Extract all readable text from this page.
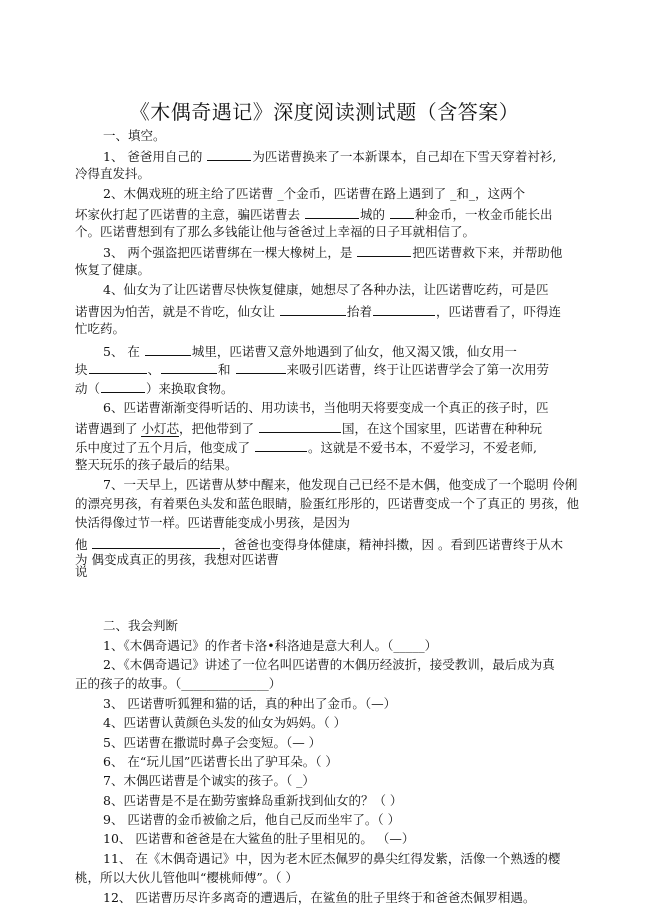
《木偶奇遇记》深度阅读测试题（含答案）
一、填空。
1、 爸爸用自己的	为匹诺曹换来了一本新课本，自己却在下雪天穿着衬衫,
冷得直发抖。
2、木偶戏班的班主给了匹诺曹 _个金币，匹诺曹在路上遇到了 _和_，这两个
坏家伙打起了匹诺曹的主意，骗匹诺曹去	城的 种金币，一枚金币能长出
个。匹诺曹想到有了那么多钱能让他与爸爸过上幸福的日子耳就相信了。
3、 两个强盗把匹诺曹绑在一棵大橡树上，是	把匹诺曹救下来，并帮助他
恢复了健康。
4、仙女为了让匹诺曹尽快恢复健康，她想尽了各种办法，让匹诺曹吃药，可是匹
诺曹因为怕苦，就是不肯吃，仙女让	抬着	，匹诺曹看了，吓得连
忙吃药。
5、 在	城里，匹诺曹又意外地遇到了仙女，他又渴又饿，仙女用一
块	、	和	来吸引匹诺曹，终于让匹诺曹学会了第一次用劳
动（	）来换取食物。
6、匹诺曹渐渐变得听话的、用功读书，当他明天将要变成一个真正的孩子时，匹
诺曹遇到了 小灯芯，把他带到了	国，在这个国家里，匹诺曹在种种玩
乐中度过了五个月后，他变成了	。这就是不爱书本，不爱学习，不爱老师,
整天玩乐的孩子最后的结果。
7、一天早上，匹诺曹从梦中醒来，他发现自己已经不是木偶，他变成了一个聪明 伶俐
的漂亮男孩，有着栗色头发和蓝色眼睛，脸蛋红彤彤的，匹诺曹变成一个了真正的 男孩，他
快活得像过节一样。匹诺曹能变成小男孩，是因为
他	，爸爸也变得身体健康，精神抖擞，因 。看到匹诺曹终于从木
为 偶变成真正的男孩，我想对匹诺曹
说
二、我会判断
1、《木偶奇遇记》的作者卡洛•科洛迪是意大利人。（_____）
2、《木偶奇遇记》讲述了一位名叫匹诺曹的木偶历经波折，接受教训，最后成为真
正的孩子的故事。（______________）
3、 匹诺曹听狐狸和猫的话，真的种出了金币。（—）
4、匹诺曹认黄颜色头发的仙女为妈妈。（ ）
5、匹诺曹在撒谎时鼻子会变短。（— ）
6、 在“玩儿国”匹诺曹长出了驴耳朵。（ ）
7、木偶匹诺曹是个诚实的孩子。（ _）
8、匹诺曹是不是在勤劳蜜蜂岛重新找到仙女的？（ ）
9、 匹诺曹的金币被偷之后，他自己反而坐牢了。（ ）
10、 匹诺曹和爸爸是在大鲨鱼的肚子里相见的。 （—）
11、 在《木偶奇遇记》中，因为老木匠杰佩罗的鼻尖红得发紫，活像一个熟透的樱
桃，所以大伙儿管他叫“樱桃师傅”。（ ）
12、 匹诺曹历尽许多离奇的遭遇后，在鲨鱼的肚子里终于和爸爸杰佩罗相遇。
